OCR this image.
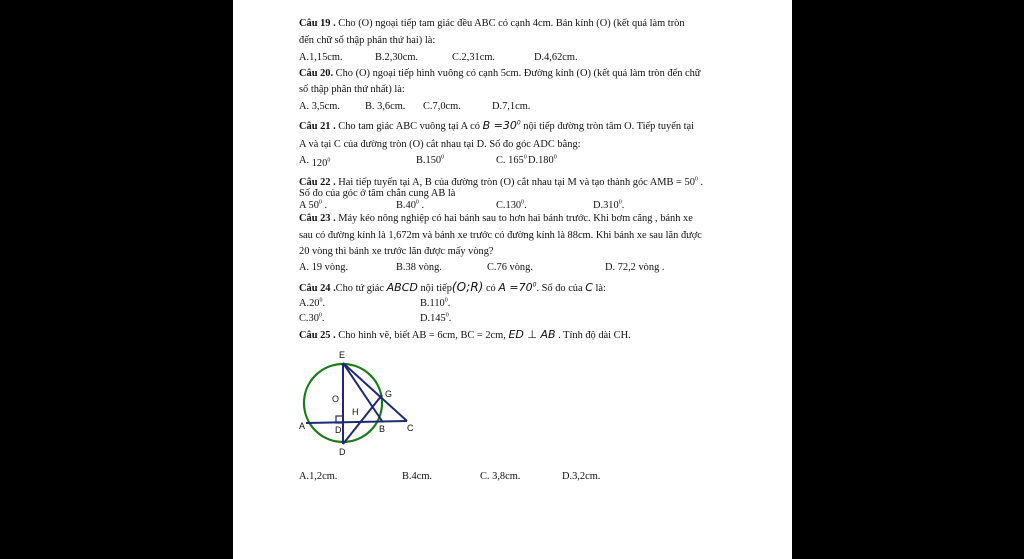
Câu 19 . Cho (O) ngoại tiếp tam giác đều ABC có cạnh 4cm. Bán kính (O) (kết quả làm tròn
đến chữ số thập phân thứ hai) là:
A.1,15cm.	B.2,30cm.	C.2,31cm.	D.4,62cm.
Câu 20. Cho (O) ngoại tiếp hình vuông có cạnh 5cm. Đường kính (O) (kết quả làm tròn đến chữ
số thập phân thứ nhất) là:
A. 3,5cm. B. 3,6cm. C.7,0cm.	D.7,1cm.
Câu 21 . Cho tam giác ABC vuông tại A có $B =30^0$ nội tiếp đường tròn tâm O. Tiếp tuyến tại
A và tại C của đường tròn (O) cắt nhau tại D. Số đo góc ADC bằng:
A. $120^0$	B.150$^0$	C. $165^0$ D.180$^0$
Câu 22 . Hai tiếp tuyến tại A, B của đường tròn (O) cắt nhau tại M và tạo thành góc AMB = $50^0$ .
Số đo của góc ở tâm chắn cung AB là
A $50^0$ .	$B.40^0$ .	C.130$^0$.	D.310$^0$.
Câu 23 . Máy kéo nông nghiệp có hai bánh sau to hơn hai bánh trước. Khi bơm căng , bánh xe
sau có đường kính là 1,672m và bánh xe trước có đường kính là 88cm. Khi bánh xe sau lăn được
20 vòng thì bánh xe trước lăn được mấy vòng?
A. 19 vòng.	B.38 vòng.	C.76 vòng.	D. 72,2 vòng .
Câu 24 .Cho tứ giác ABCD nội tiếp(O;R) có $A =70^0$. Số đo của C là:
$A.20^0$.	B.110$^0$.
$C.30^0$.	D.145$^0$.
Câu 25 . Cho hình vẽ, biết AB = 6cm, BC = 2cm, ED ⊥ AB . Tính độ dài CH.
E
O	G
H
A	D	B C
D
A.1,2cm.	B.4cm.	C. 3,8cm.	D.3,2cm.
